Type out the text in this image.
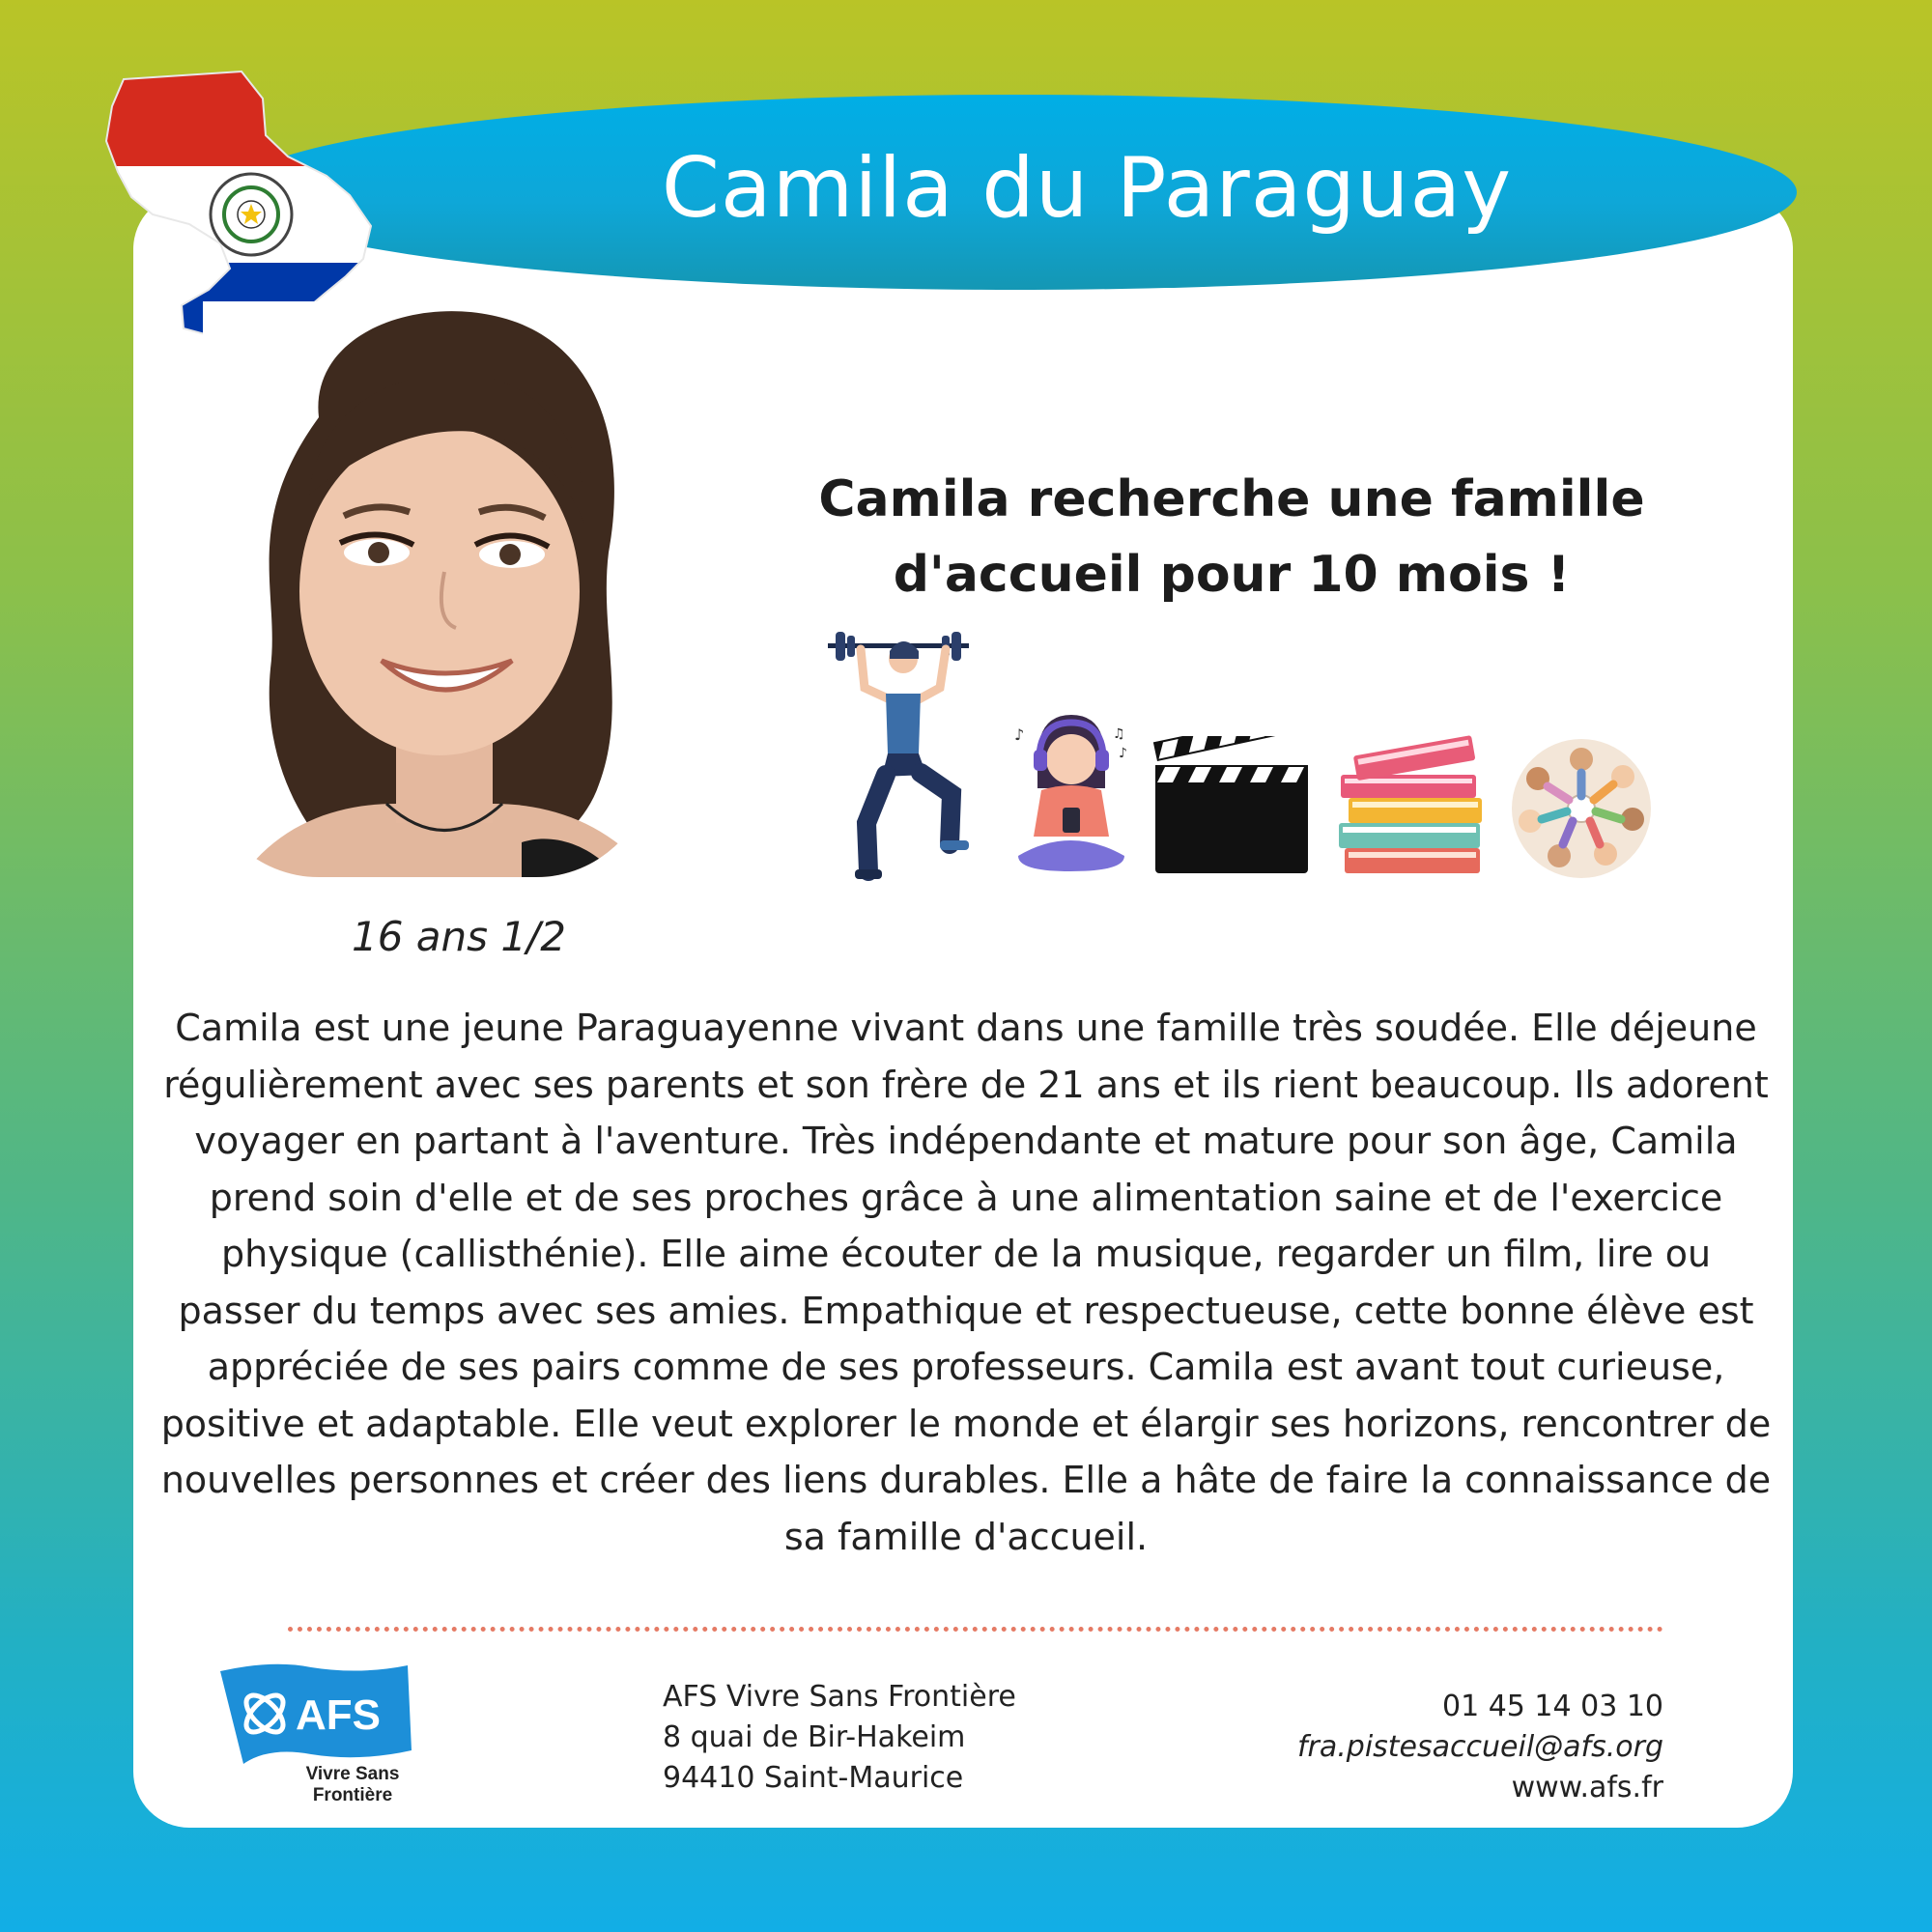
Camila du Paraguay
16 ans 1/2
Camila recherche une famille
d'accueil pour 10 mois !
♪	♫
♪
Camila est une jeune Paraguayenne vivant dans une famille très soudée. Elle déjeune régulièrement avec ses parents et son frère de 21 ans et ils rient beaucoup. Ils adorent voyager en partant à l'aventure. Très indépendante et mature pour son âge, Camila prend soin d'elle et de ses proches grâce à une alimentation saine et de l'exercice physique (callisthénie). Elle aime écouter de la musique, regarder un film, lire ou passer du temps avec ses amies. Empathique et respectueuse, cette bonne élève est appréciée de ses pairs comme de ses professeurs. Camila est avant tout curieuse, positive et adaptable. Elle veut explorer le monde et élargir ses horizons, rencontrer de nouvelles personnes et créer des liens durables. Elle a hâte de faire la connaissance de sa famille d'accueil.
AFS
Vivre Sans
Frontière
AFS Vivre Sans Frontière
8 quai de Bir-Hakeim
94410 Saint-Maurice
01 45 14 03 10
fra.pistesaccueil@afs.org
www.afs.fr
